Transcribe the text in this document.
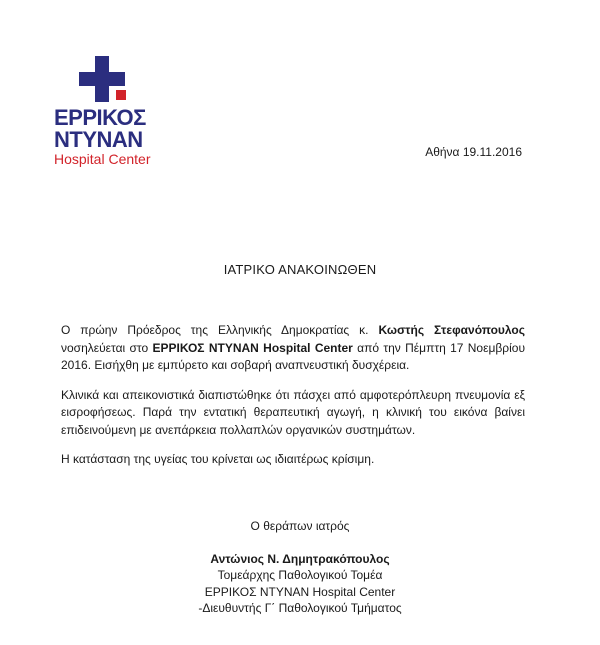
ΕΡΡΙΚΟΣ
ΝΤΥΝΑΝ
Hospital Center	Αθήνα 19.11.2016
ΙΑΤΡΙΚΟ ΑΝΑΚΟΙΝΩΘΕΝ

Ο πρώην Πρόεδρος της Ελληνικής Δημοκρατίας κ. Κωστής Στεφανόπουλος νοσηλεύεται στο ΕΡΡΙΚΟΣ ΝΤΥΝΑΝ Hospital Center από την Πέμπτη 17 Νοεμβρίου 2016. Εισήχθη με εμπύρετο και σοβαρή αναπνευστική δυσχέρεια.

Κλινικά και απεικονιστικά διαπιστώθηκε ότι πάσχει από αμφοτερόπλευρη πνευμονία εξ εισροφήσεως. Παρά την εντατική θεραπευτική αγωγή, η κλινική του εικόνα βαίνει επιδεινούμενη με ανεπάρκεια πολλαπλών οργανικών συστημάτων.

Η κατάσταση της υγείας του κρίνεται ως ιδιαιτέρως κρίσιμη.

Ο θεράπων ιατρός
Αντώνιος Ν. Δημητρακόπουλος
Τομεάρχης Παθολογικού Τομέα
ΕΡΡΙΚΟΣ ΝΤΥΝΑΝ Hospital Center
-Διευθυντής Γ΄ Παθολογικού Τμήματος
